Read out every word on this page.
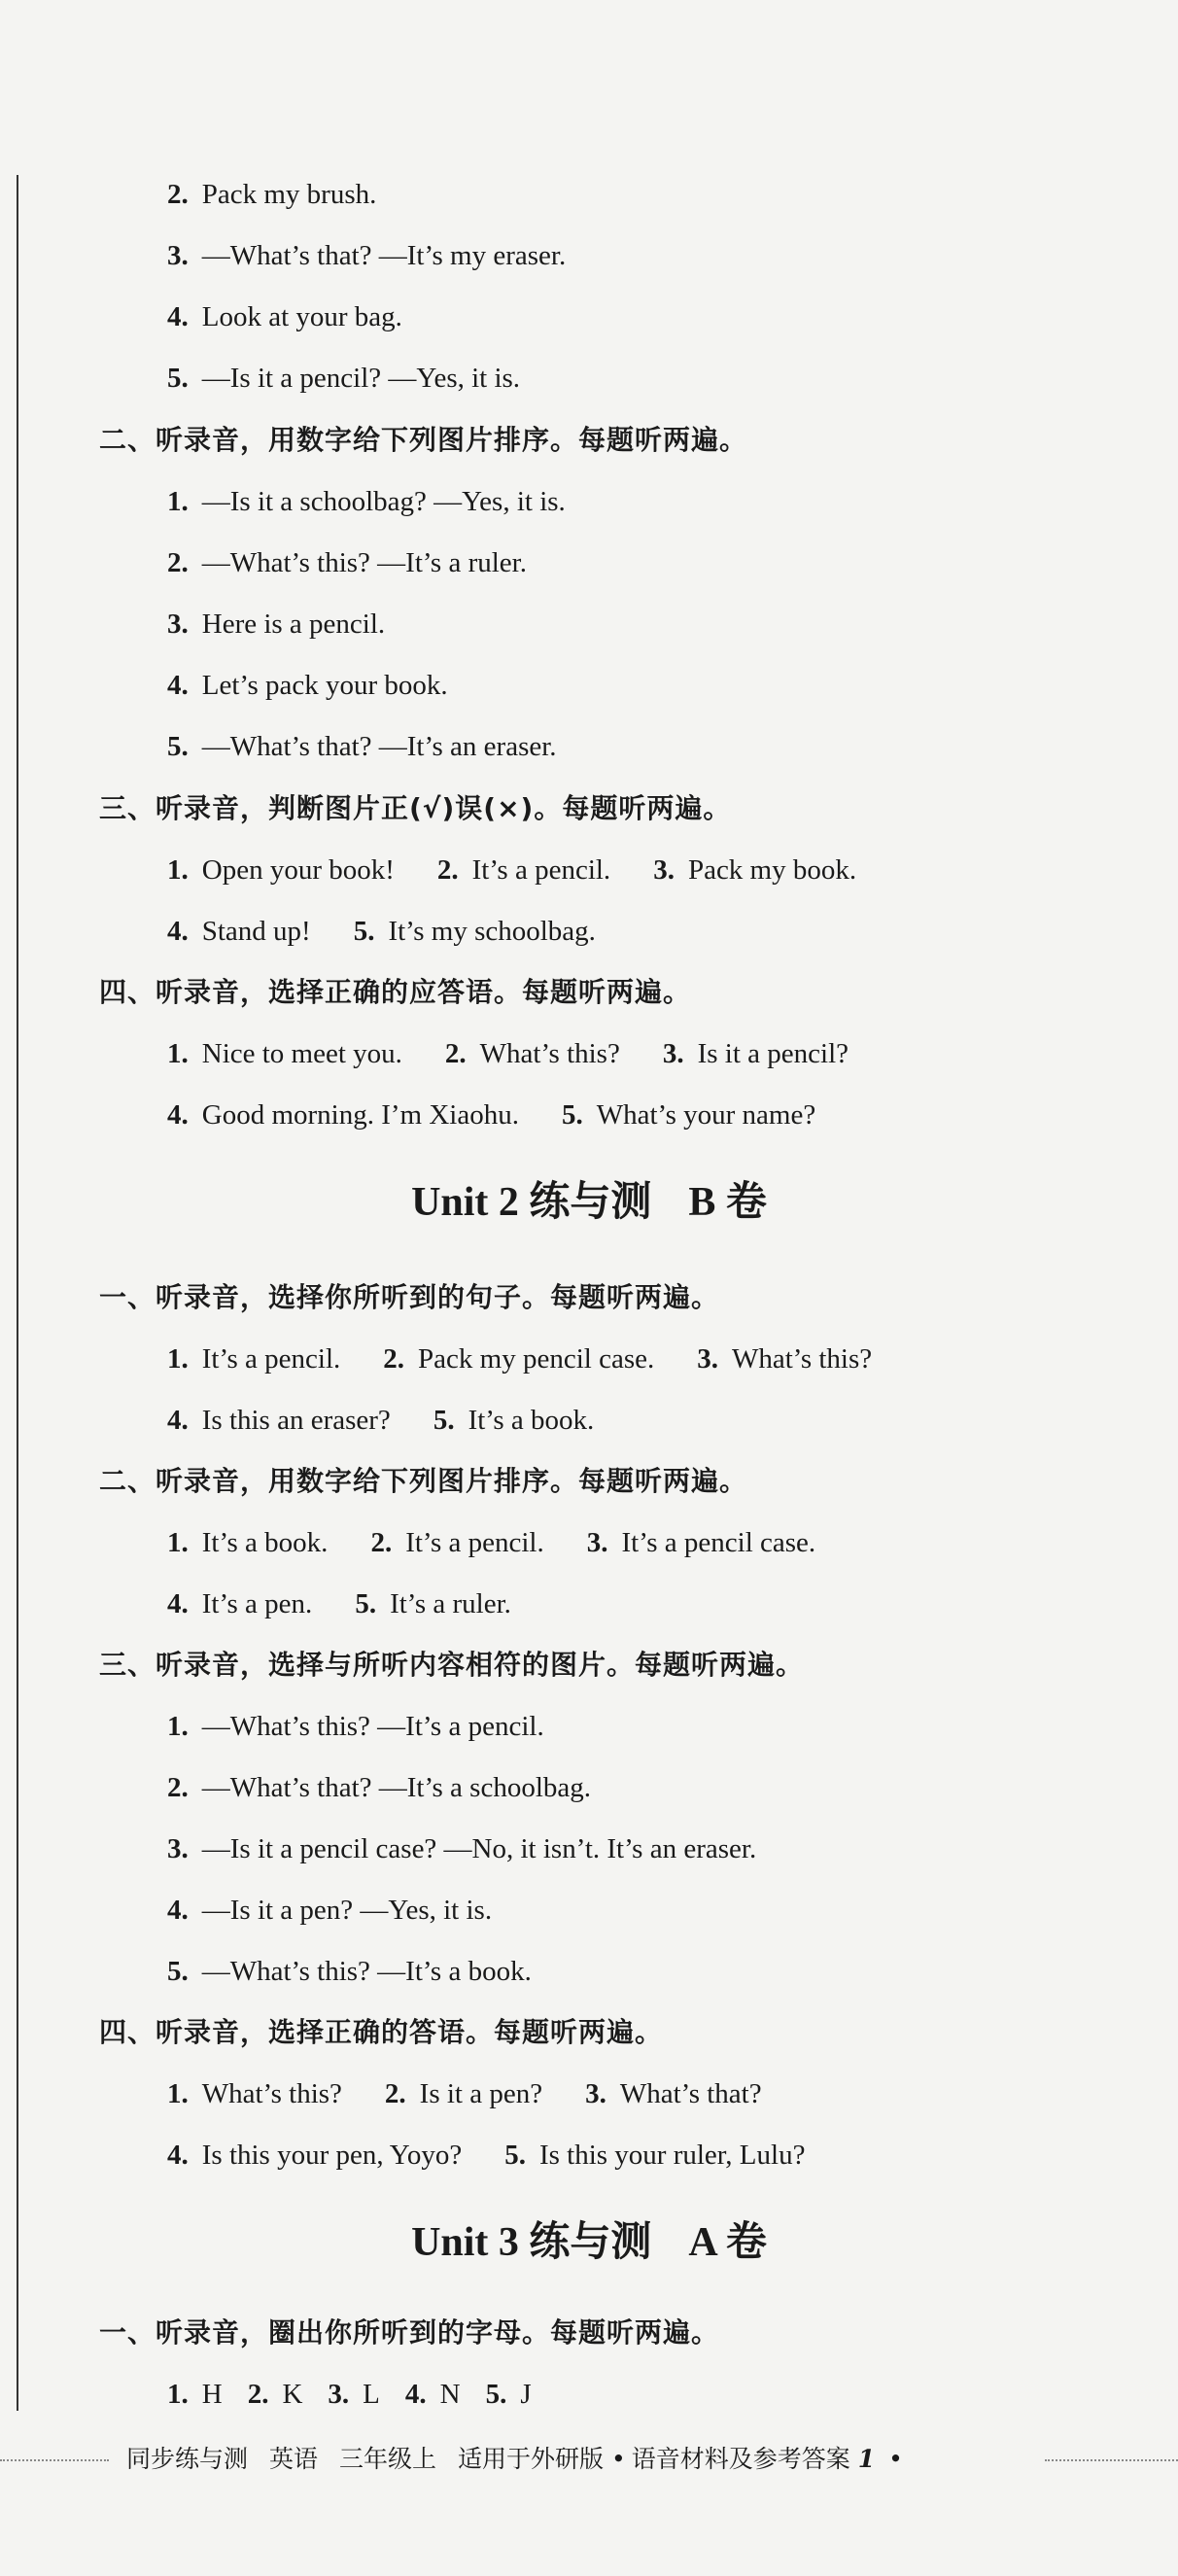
2. Pack my brush.
3. —What’s that? —It’s my eraser.
4. Look at your bag.
5. —Is it a pencil? —Yes, it is.
二、听录音，用数字给下列图片排序。每题听两遍。
1. —Is it a schoolbag? —Yes, it is.
2. —What’s this? —It’s a ruler.
3. Here is a pencil.
4. Let’s pack your book.
5. —What’s that? —It’s an eraser.
三、听录音，判断图片正(√)误(×)。每题听两遍。
1. Open your book! 2. It’s a pencil. 3. Pack my book.
4. Stand up! 5. It’s my schoolbag.
四、听录音，选择正确的应答语。每题听两遍。
1. Nice to meet you. 2. What’s this? 3. Is it a pencil?
4. Good morning. I’m Xiaohu. 5. What’s your name?
Unit 2 练与测 B 卷
一、听录音，选择你所听到的句子。每题听两遍。
1. It’s a pencil. 2. Pack my pencil case. 3. What’s this?
4. Is this an eraser? 5. It’s a book.
二、听录音，用数字给下列图片排序。每题听两遍。
1. It’s a book. 2. It’s a pencil. 3. It’s a pencil case.
4. It’s a pen. 5. It’s a ruler.
三、听录音，选择与所听内容相符的图片。每题听两遍。
1. —What’s this? —It’s a pencil.
2. —What’s that? —It’s a schoolbag.
3. —Is it a pencil case? —No, it isn’t. It’s an eraser.
4. —Is it a pen? —Yes, it is.
5. —What’s this? —It’s a book.
四、听录音，选择正确的答语。每题听两遍。
1. What’s this? 2. Is it a pen? 3. What’s that?
4. Is this your pen, Yoyo? 5. Is this your ruler, Lulu?
Unit 3 练与测 A 卷
一、听录音，圈出你所听到的字母。每题听两遍。
1. H 2. K 3. L 4. N 5. J
同步练与测 英语 三年级上 适用于外研版 • 语音材料及参考答案 1 •
